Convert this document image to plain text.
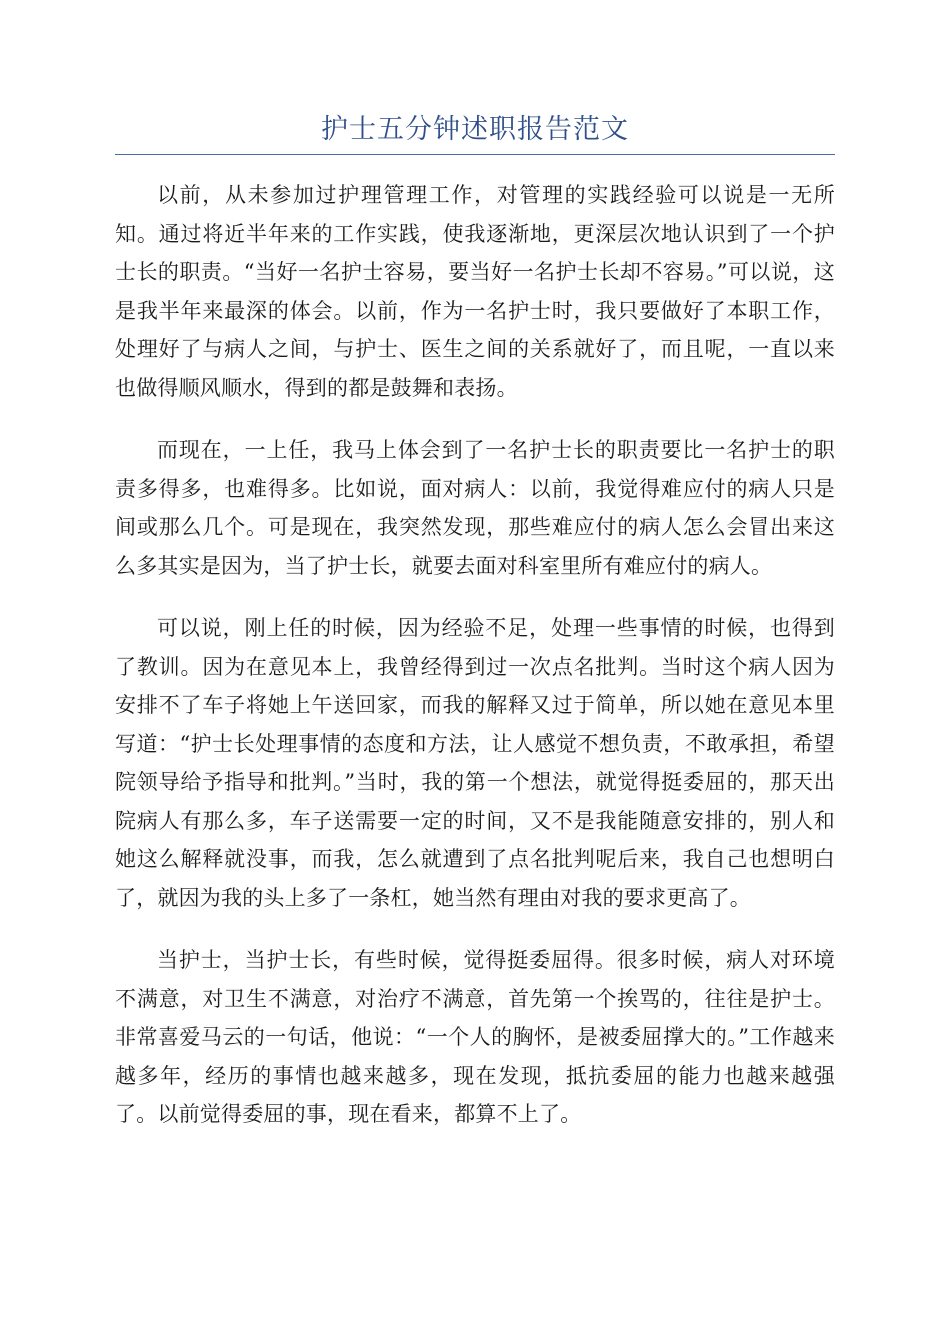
护士五分钟述职报告范文

以前，从未参加过护理管理工作，对管理的实践经验可以说是一无所知。通过将近半年来的工作实践，使我逐渐地，更深层次地认识到了一个护士长的职责。“当好一名护士容易，要当好一名护士长却不容易。”可以说，这是我半年来最深的体会。以前，作为一名护士时，我只要做好了本职工作，处理好了与病人之间，与护士、医生之间的关系就好了，而且呢，一直以来也做得顺风顺水，得到的都是鼓舞和表扬。

而现在，一上任，我马上体会到了一名护士长的职责要比一名护士的职责多得多，也难得多。比如说，面对病人：以前，我觉得难应付的病人只是间或那么几个。可是现在，我突然发现，那些难应付的病人怎么会冒出来这么多其实是因为，当了护士长，就要去面对科室里所有难应付的病人。

可以说，刚上任的时候，因为经验不足，处理一些事情的时候，也得到了教训。因为在意见本上，我曾经得到过一次点名批判。当时这个病人因为安排不了车子将她上午送回家，而我的解释又过于简单，所以她在意见本里写道：“护士长处理事情的态度和方法，让人感觉不想负责，不敢承担，希望院领导给予指导和批判。”当时，我的第一个想法，就觉得挺委屈的，那天出院病人有那么多，车子送需要一定的时间，又不是我能随意安排的，别人和她这么解释就没事，而我，怎么就遭到了点名批判呢后来，我自己也想明白了，就因为我的头上多了一条杠，她当然有理由对我的要求更高了。

当护士，当护士长，有些时候，觉得挺委屈得。很多时候，病人对环境不满意，对卫生不满意，对治疗不满意，首先第一个挨骂的，往往是护士。非常喜爱马云的一句话，他说：“一个人的胸怀，是被委屈撑大的。”工作越来越多年，经历的事情也越来越多，现在发现，抵抗委屈的能力也越来越强了。以前觉得委屈的事，现在看来，都算不上了。
